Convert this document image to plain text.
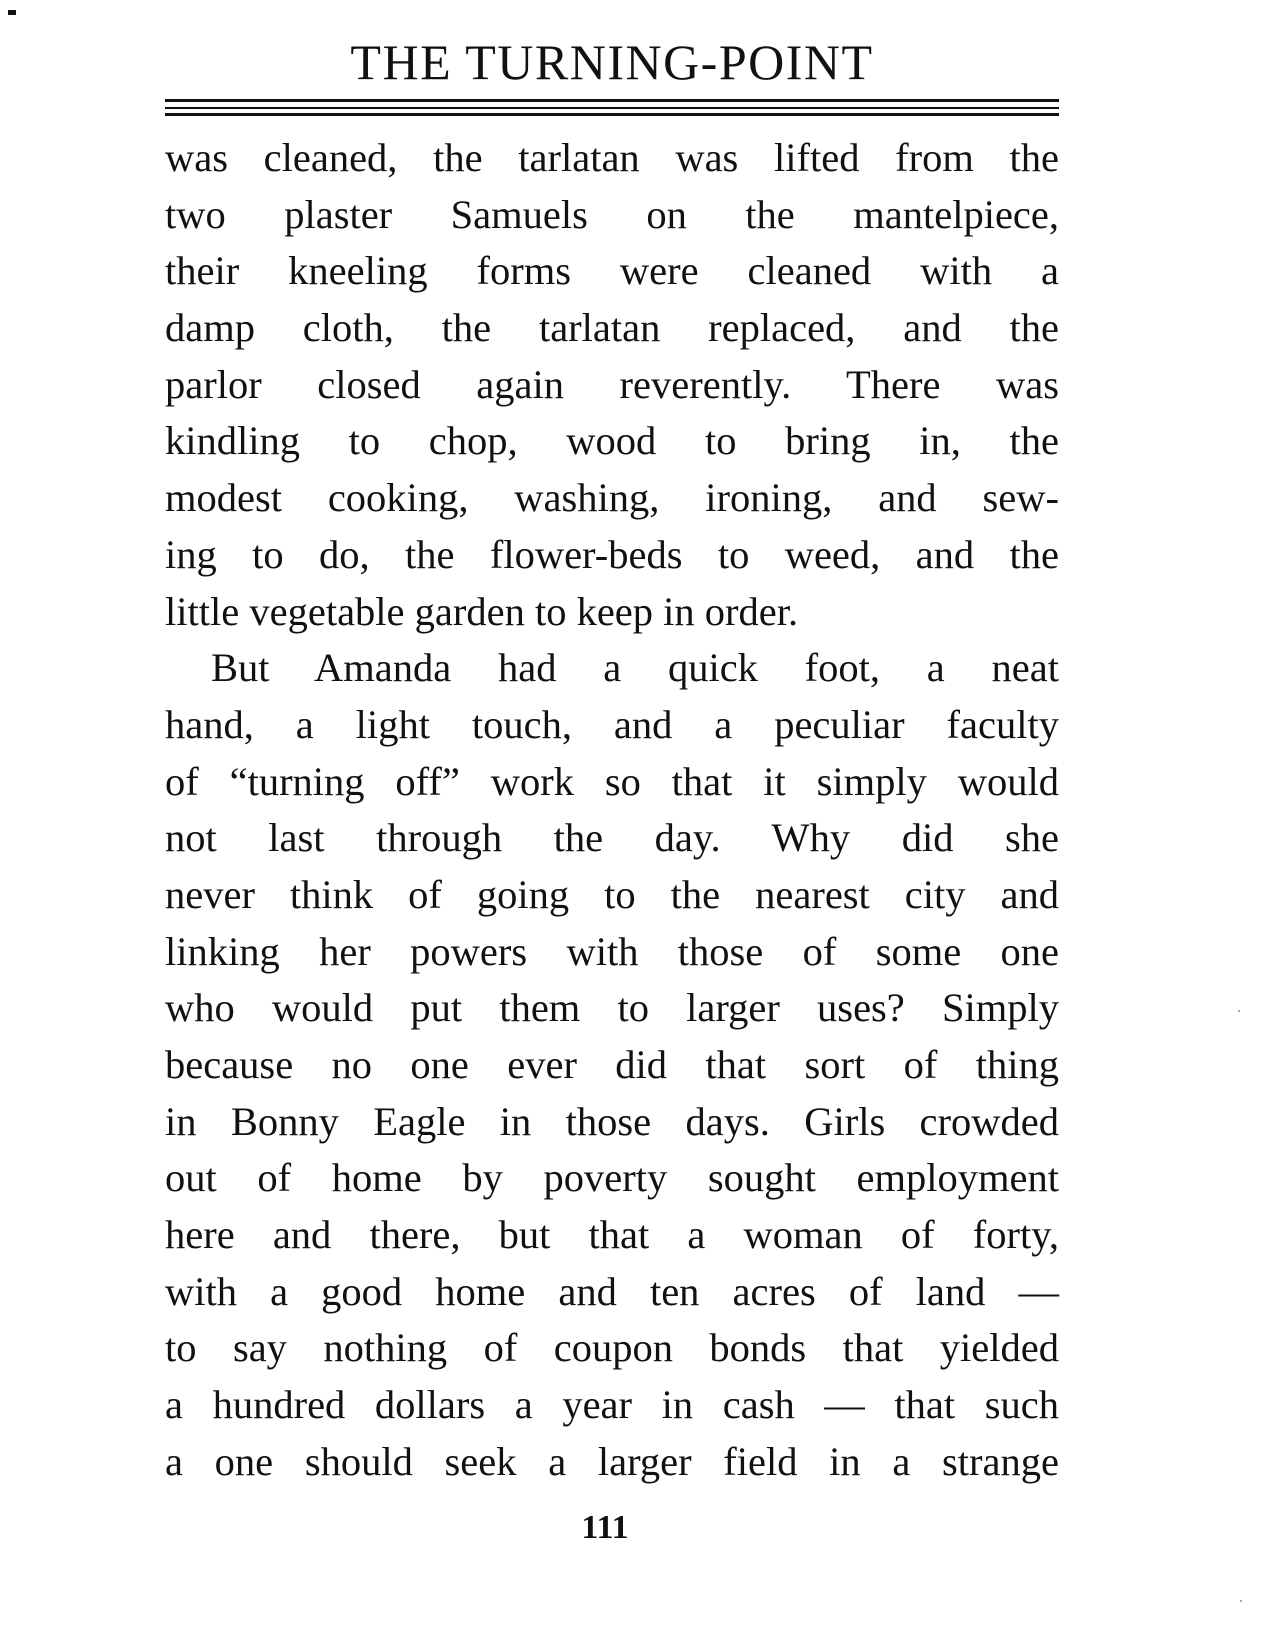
THE TURNING-POINT
was cleaned, the tarlatan was lifted from the
two plaster Samuels on the mantelpiece,
their kneeling forms were cleaned with a
damp cloth, the tarlatan replaced, and the
parlor closed again reverently. There was
kindling to chop, wood to bring in, the
modest cooking, washing, ironing, and sew-
ing to do, the flower-beds to weed, and the
little vegetable garden to keep in order.
But Amanda had a quick foot, a neat
hand, a light touch, and a peculiar faculty
of “turning off” work so that it simply would
not last through the day. Why did she
never think of going to the nearest city and
linking her powers with those of some one
who would put them to larger uses? Simply
because no one ever did that sort of thing
in Bonny Eagle in those days. Girls crowded
out of home by poverty sought employment
here and there, but that a woman of forty,
with a good home and ten acres of land —
to say nothing of coupon bonds that yielded
a hundred dollars a year in cash — that such
a one should seek a larger field in a strange
111
